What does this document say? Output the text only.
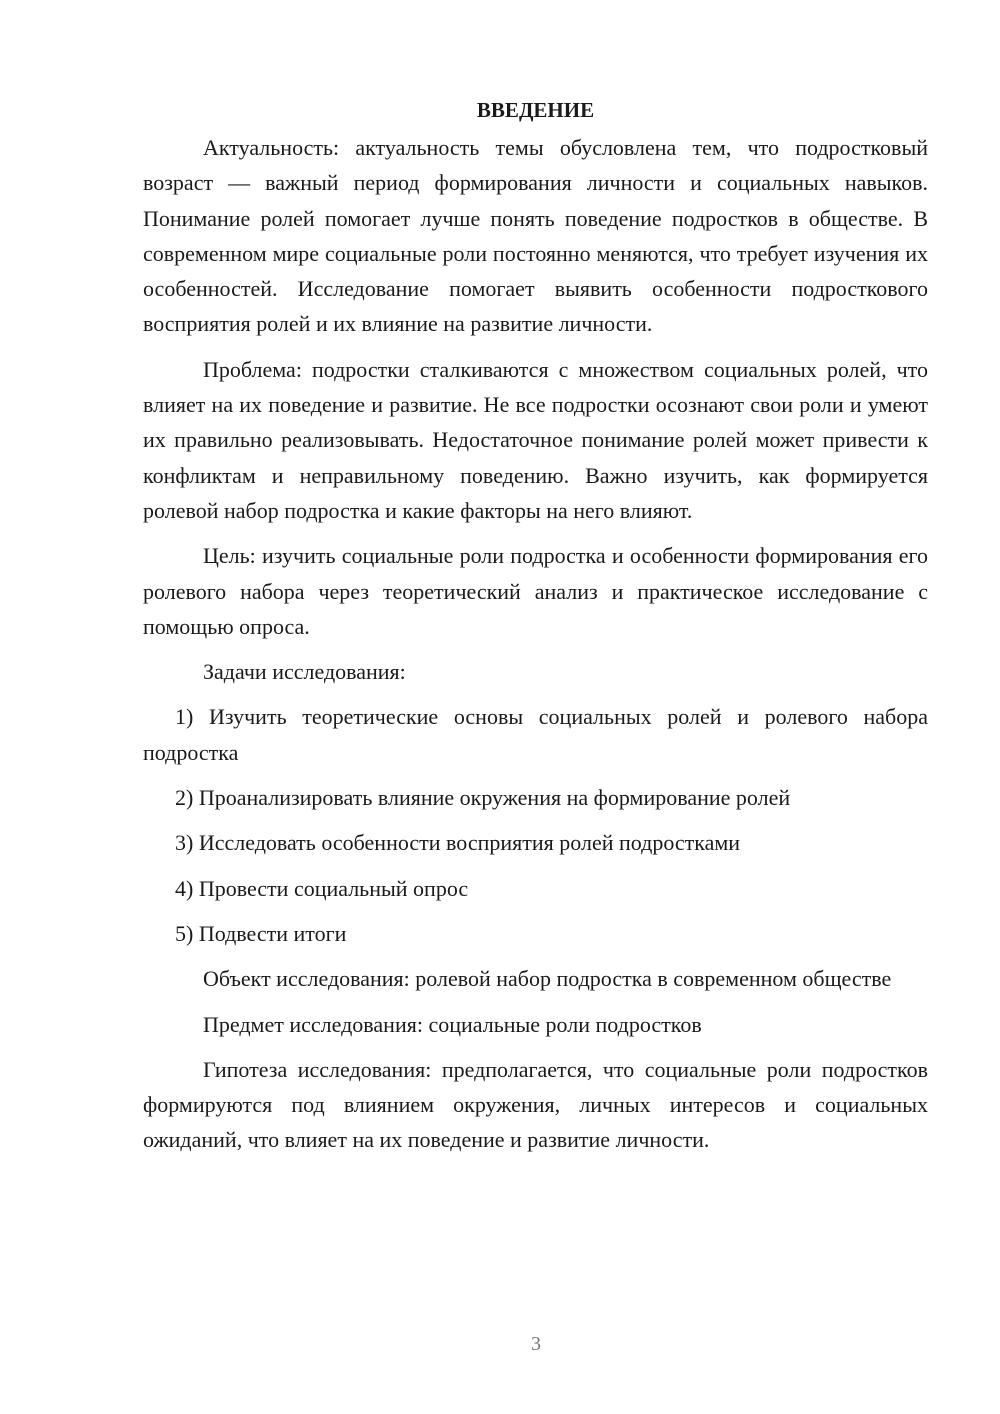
ВВЕДЕНИЕ

Актуальность: актуальность темы обусловлена тем, что подростковый возраст — важный период формирования личности и социальных навыков. Понимание ролей помогает лучше понять поведение подростков в обществе. В современном мире социальные роли постоянно меняются, что требует изучения их особенностей. Исследование помогает выявить особенности подросткового восприятия ролей и их влияние на развитие личности.

Проблема: подростки сталкиваются с множеством социальных ролей, что влияет на их поведение и развитие. Не все подростки осознают свои роли и умеют их правильно реализовывать. Недостаточное понимание ролей может привести к конфликтам и неправильному поведению. Важно изучить, как формируется ролевой набор подростка и какие факторы на него влияют.

Цель: изучить социальные роли подростка и особенности формирования его ролевого набора через теоретический анализ и практическое исследование с помощью опроса.

Задачи исследования:

1) Изучить теоретические основы социальных ролей и ролевого набора подростка

2) Проанализировать влияние окружения на формирование ролей

3) Исследовать особенности восприятия ролей подростками

4) Провести социальный опрос

5) Подвести итоги

Объект исследования: ролевой набор подростка в современном обществе

Предмет исследования: социальные роли подростков

Гипотеза исследования: предполагается, что социальные роли подростков формируются под влиянием окружения, личных интересов и социальных ожиданий, что влияет на их поведение и развитие личности.

3
